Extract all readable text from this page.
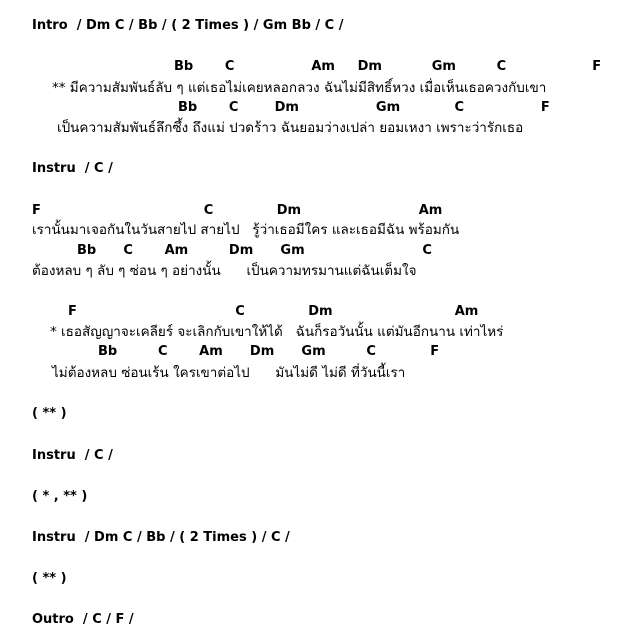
Intro  / Dm C / Bb / ( 2 Times ) / Gm Bb / C /
Bb       C                 Am     Dm           Gm         C                   F
** มีความสัมพันธ์ลับ ๆ แต่เธอไม่เคยหลอกลวง ฉันไม่มีสิทธิ์หวง เมื่อเห็นเธอควงกับเขา
Bb       C        Dm                 Gm            C                 F
เป็นความสัมพันธ์ลึกซึ้ง ถึงแม่ ปวดร้าว ฉันยอมว่างเปล่า ยอมเหงา เพราะว่ารักเธอ
Instru  / C /
F                                    C              Dm                          Am
เรานั้นมาเจอกันในวันสายไป สายไป   รู้ว่าเธอมีใคร และเธอมีฉัน พร้อมกัน
Bb      C       Am         Dm      Gm                          C
ต้องหลบ ๆ ลับ ๆ ซ่อน ๆ อย่างนั้น      เป็นความทรมานแต่ฉันเต็มใจ
F                                   C              Dm                           Am
* เธอสัญญาจะเคลียร์ จะเลิกกับเขาให้ได้   ฉันก็รอวันนั้น แต่มันอีกนาน เท่าไหร่
Bb         C       Am      Dm      Gm         C            F
ไม่ต้องหลบ ซ่อนเร้น ใครเขาต่อไป      มันไม่ดี ไม่ดี ที่วันนี้เรา
( ** )
Instru  / C /
( * , ** )
Instru  / Dm C / Bb / ( 2 Times ) / C /
( ** )
Outro  / C / F /
